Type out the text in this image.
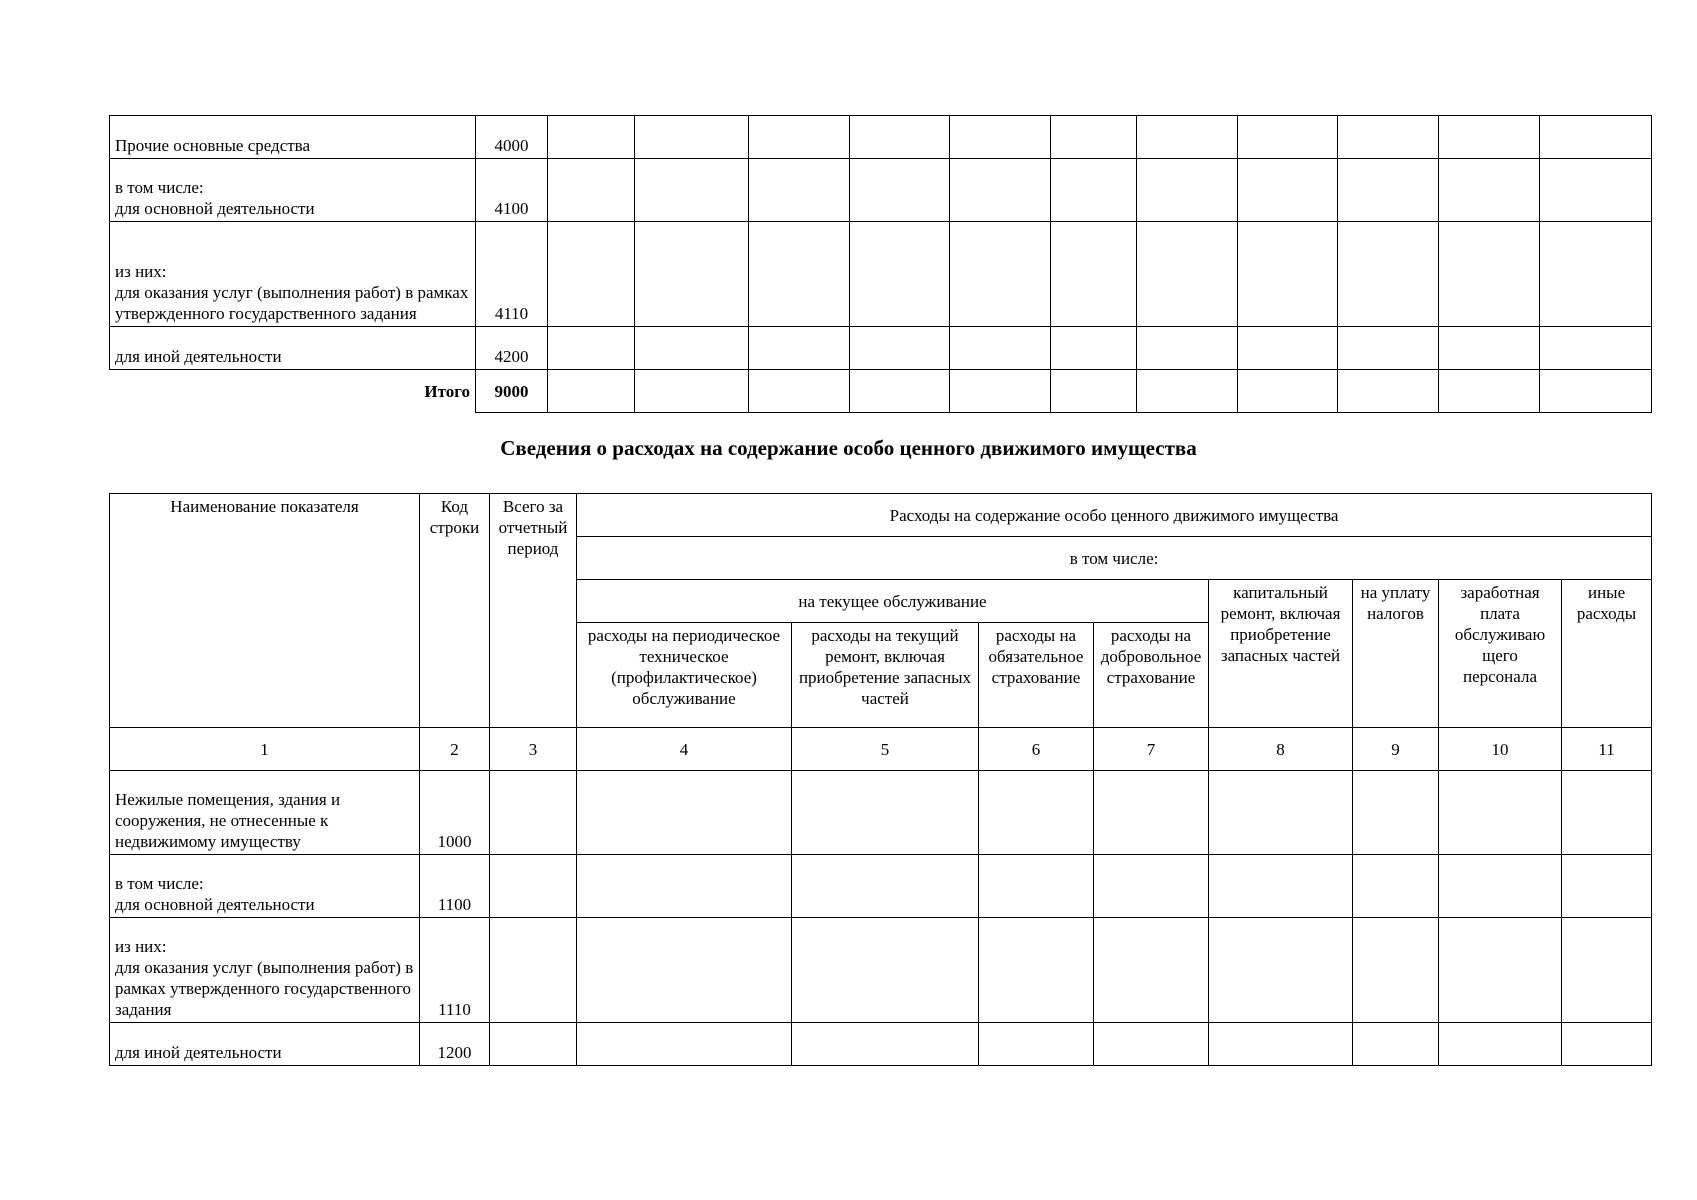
Прочие основные средства	4000											
в том числе:
для основной деятельности	4100											
из них:
для оказания услуг (выполнения работ) в рамках утвержденного государственного задания	4110											
для иной деятельности	4200											
Итого	9000											
Сведения о расходах на содержание особо ценного движимого имущества
Наименование показателя	Код строки	Всего за отчетный период	Расходы на содержание особо ценного движимого имущества							
			в том числе:							
			на текущее обслуживание				капитальный ремонт, включая приобретение запасных частей	на уплату налогов	заработная плата обслуживаю щего персонала	иные расходы
			расходы на периодическое техническое (профилактическое) обслуживание	расходы на текущий ремонт, включая приобретение запасных частей	расходы на обязательное страхование	расходы на добровольное страхование				
1	2	3	4	5	6	7	8	9	10	11
Нежилые помещения, здания и сооружения, не отнесенные к недвижимому имуществу	1000									
в том числе:
для основной деятельности	1100									
из них:
для оказания услуг (выполнения работ) в рамках утвержденного государственного задания	1110									
для иной деятельности	1200									
